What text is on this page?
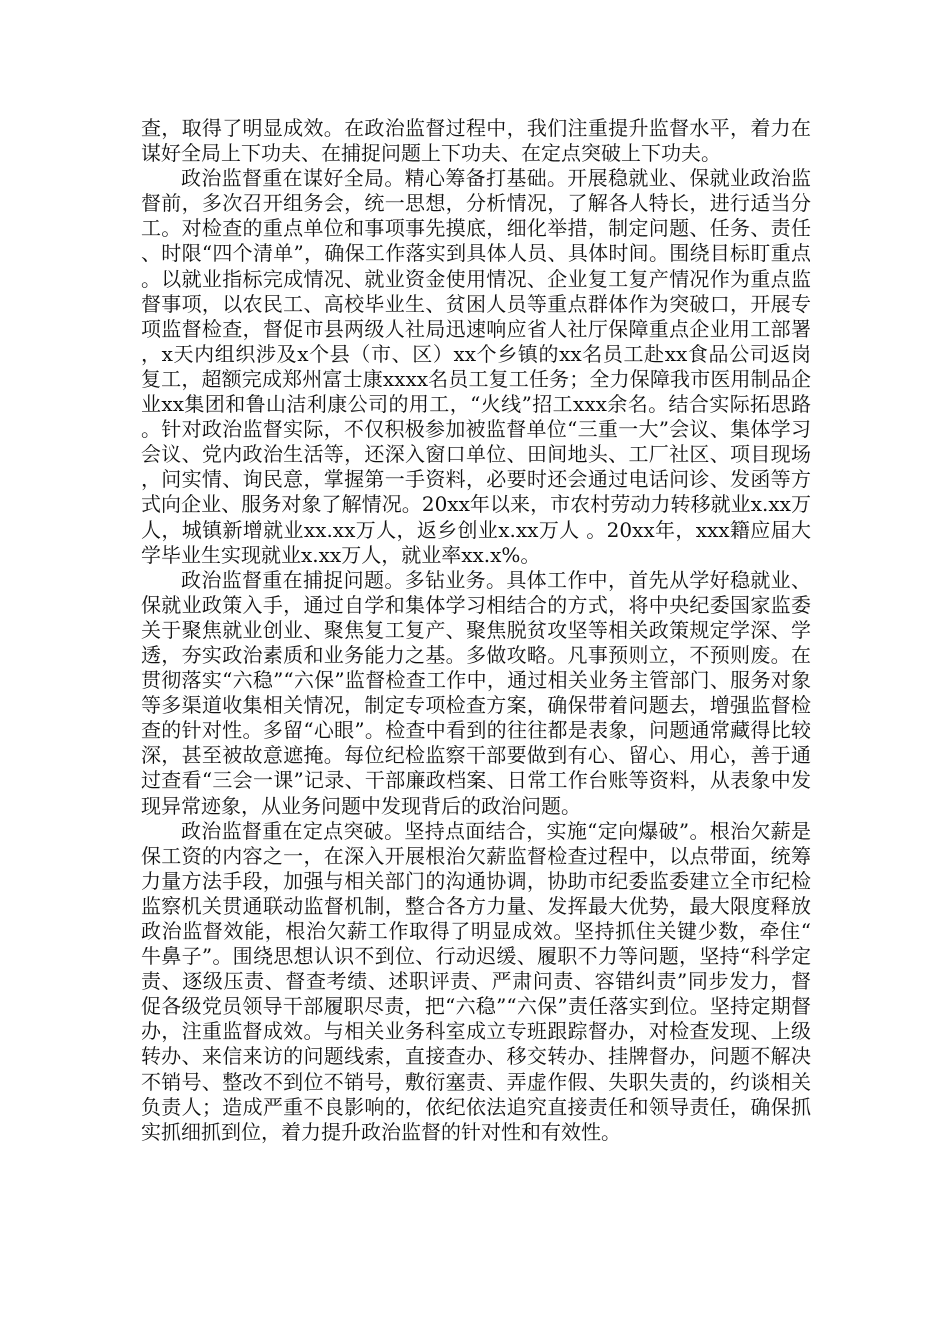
查，取得了明显成效。在政治监督过程中，我们注重提升监督水平，着力在谋好全局上下功夫、在捕捉问题上下功夫、在定点突破上下功夫。

政治监督重在谋好全局。精心筹备打基础。开展稳就业、保就业政治监督前，多次召开组务会，统一思想，分析情况，了解各人特长，进行适当分工。对检查的重点单位和事项事先摸底，细化举措，制定问题、任务、责任、时限“四个清单”，确保工作落实到具体人员、具体时间。围绕目标盯重点。以就业指标完成情况、就业资金使用情况、企业复工复产情况作为重点监督事项，以农民工、高校毕业生、贫困人员等重点群体作为突破口，开展专项监督检查，督促市县两级人社局迅速响应省人社厅保障重点企业用工部署，x天内组织涉及x个县（市、区）xx个乡镇的xx名员工赴xx食品公司返岗复工，超额完成郑州富士康xxxx名员工复工任务；全力保障我市医用制品企业xx集团和鲁山洁利康公司的用工，“火线”招工xxx余名。结合实际拓思路。针对政治监督实际，不仅积极参加被监督单位“三重一大”会议、集体学习会议、党内政治生活等，还深入窗口单位、田间地头、工厂社区、项目现场，问实情、询民意，掌握第一手资料，必要时还会通过电话问诊、发函等方式向企业、服务对象了解情况。20xx年以来，市农村劳动力转移就业x.xx万人，城镇新增就业xx.xx万人，返乡创业x.xx万人 。20xx年，xxx籍应届大学毕业生实现就业x.xx万人，就业率xx.x%。

政治监督重在捕捉问题。多钻业务。具体工作中，首先从学好稳就业、保就业政策入手，通过自学和集体学习相结合的方式，将中央纪委国家监委关于聚焦就业创业、聚焦复工复产、聚焦脱贫攻坚等相关政策规定学深、学透，夯实政治素质和业务能力之基。多做攻略。凡事预则立，不预则废。在贯彻落实“六稳”“六保”监督检查工作中，通过相关业务主管部门、服务对象等多渠道收集相关情况，制定专项检查方案，确保带着问题去，增强监督检查的针对性。多留“心眼”。检查中看到的往往都是表象，问题通常藏得比较深，甚至被故意遮掩。每位纪检监察干部要做到有心、留心、用心，善于通过查看“三会一课”记录、干部廉政档案、日常工作台账等资料，从表象中发现异常迹象，从业务问题中发现背后的政治问题。

政治监督重在定点突破。坚持点面结合，实施“定向爆破”。根治欠薪是保工资的内容之一，在深入开展根治欠薪监督检查过程中，以点带面，统筹力量方法手段，加强与相关部门的沟通协调，协助市纪委监委建立全市纪检监察机关贯通联动监督机制，整合各方力量、发挥最大优势，最大限度释放政治监督效能，根治欠薪工作取得了明显成效。坚持抓住关键少数，牵住“牛鼻子”。围绕思想认识不到位、行动迟缓、履职不力等问题，坚持“科学定责、逐级压责、督查考绩、述职评责、严肃问责、容错纠责”同步发力，督促各级党员领导干部履职尽责，把“六稳”“六保”责任落实到位。坚持定期督办，注重监督成效。与相关业务科室成立专班跟踪督办，对检查发现、上级转办、来信来访的问题线索，直接查办、移交转办、挂牌督办，问题不解决不销号、整改不到位不销号，敷衍塞责、弄虚作假、失职失责的，约谈相关负责人；造成严重不良影响的，依纪依法追究直接责任和领导责任，确保抓实抓细抓到位，着力提升政治监督的针对性和有效性。
